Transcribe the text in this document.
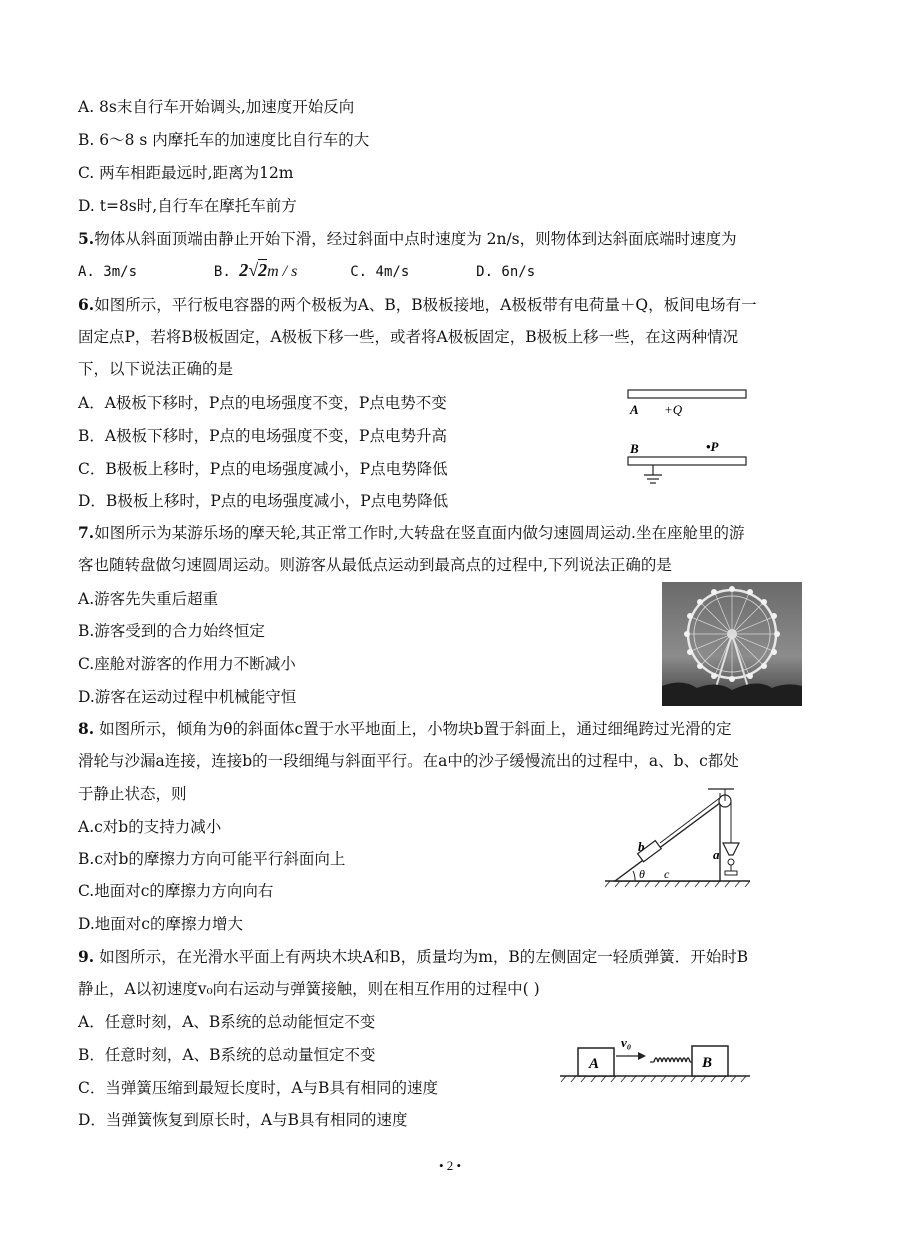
A. 8s末自行车开始调头,加速度开始反向
B. 6～8 s 内摩托车的加速度比自行车的大
C. 两车相距最远时,距离为12m
D. t=8s时,自行车在摩托车前方
5.物体从斜面顶端由静止开始下滑，经过斜面中点时速度为 2n/s，则物体到达斜面底端时速度为
A. 3m/s	B. 2√2m / s	C. 4m/s	D. 6n/s
6.如图所示，平行板电容器的两个极板为A、B，B极板接地，A极板带有电荷量＋Q，板间电场有一
固定点P，若将B极板固定，A极板下移一些，或者将A极板固定，B极板上移一些，在这两种情况
下，以下说法正确的是
A．A极板下移时，P点的电场强度不变，P点电势不变
B．A极板下移时，P点的电场强度不变，P点电势升高
C．B极板上移时，P点的电场强度减小，P点电势降低
D．B极板上移时，P点的电场强度减小，P点电势降低
A +Q
B	•P
7.如图所示为某游乐场的摩天轮,其正常工作时,大转盘在竖直面内做匀速圆周运动.坐在座舱里的游
客也随转盘做匀速圆周运动。则游客从最低点运动到最高点的过程中,下列说法正确的是
A.游客先失重后超重
B.游客受到的合力始终恒定
C.座舱对游客的作用力不断减小
D.游客在运动过程中机械能守恒
8. 如图所示，倾角为θ的斜面体c置于水平地面上，小物块b置于斜面上，通过细绳跨过光滑的定
滑轮与沙漏a连接，连接b的一段细绳与斜面平行。在a中的沙子缓慢流出的过程中，a、b、c都处
于静止状态，则
A.c对b的支持力减小
B.c对b的摩擦力方向可能平行斜面向上
C.地面对c的摩擦力方向向右
D.地面对c的摩擦力增大
b
a
θ c
9. 如图所示，在光滑水平面上有两块木块A和B，质量均为m，B的左侧固定一轻质弹簧．开始时B
静止，A以初速度v₀向右运动与弹簧接触，则在相互作用的过程中( )
A．任意时刻，A、B系统的总动能恒定不变
B．任意时刻，A、B系统的总动量恒定不变
C．当弹簧压缩到最短长度时，A与B具有相同的速度
D．当弹簧恢复到原长时，A与B具有相同的速度
A
v₀
B
• 2 •
